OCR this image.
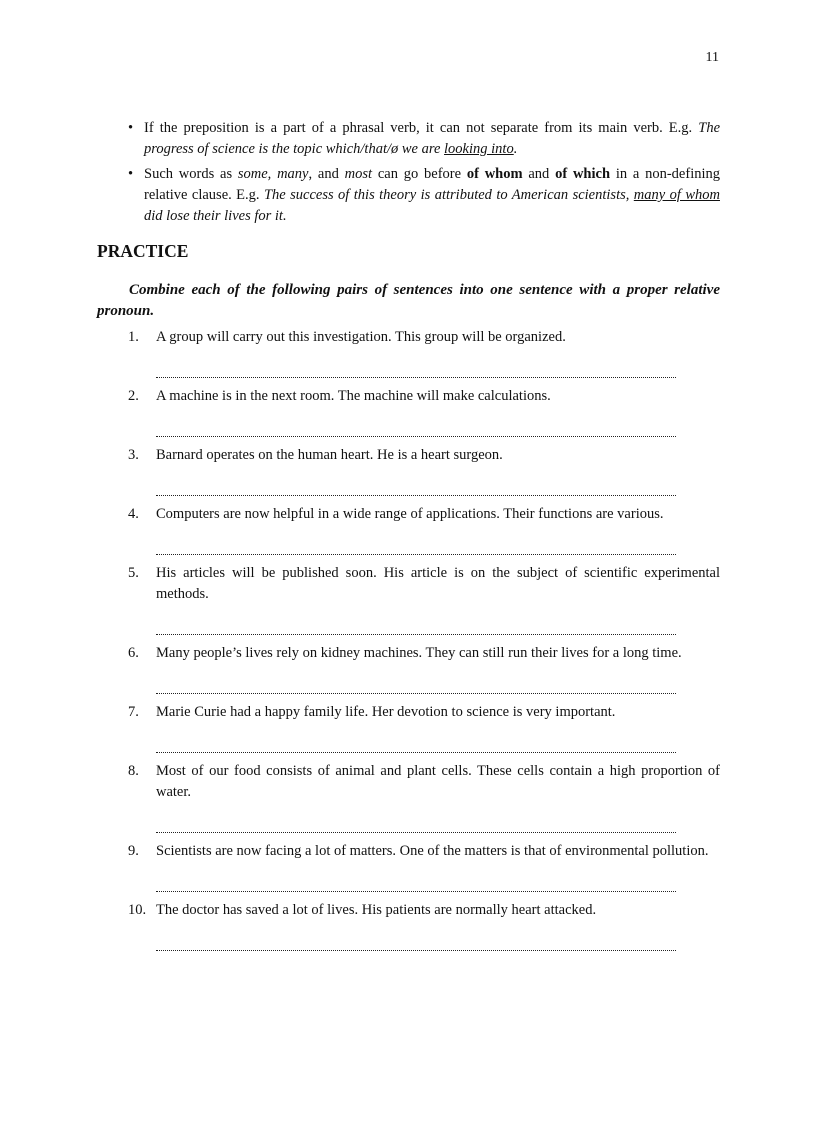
11
• If the preposition is a part of a phrasal verb, it can not separate from its main verb. E.g. The progress of science is the topic which/that/ø we are looking into.
• Such words as some, many, and most can go before of whom and of which in a non-defining relative clause. E.g. The success of this theory is attributed to American scientists, many of whom did lose their lives for it.
PRACTICE
Combine each of the following pairs of sentences into one sentence with a proper relative pronoun.
1. A group will carry out this investigation. This group will be organized.
2. A machine is in the next room. The machine will make calculations.
3. Barnard operates on the human heart. He is a heart surgeon.
4. Computers are now helpful in a wide range of applications. Their functions are various.
5. His articles will be published soon. His article is on the subject of scientific experimental methods.
6. Many people’s lives rely on kidney machines. They can still run their lives for a long time.
7. Marie Curie had a happy family life. Her devotion to science is very important.
8. Most of our food consists of animal and plant cells. These cells contain a high proportion of water.
9. Scientists are now facing a lot of matters. One of the matters is that of environmental pollution.
10. The doctor has saved a lot of lives. His patients are normally heart attacked.
